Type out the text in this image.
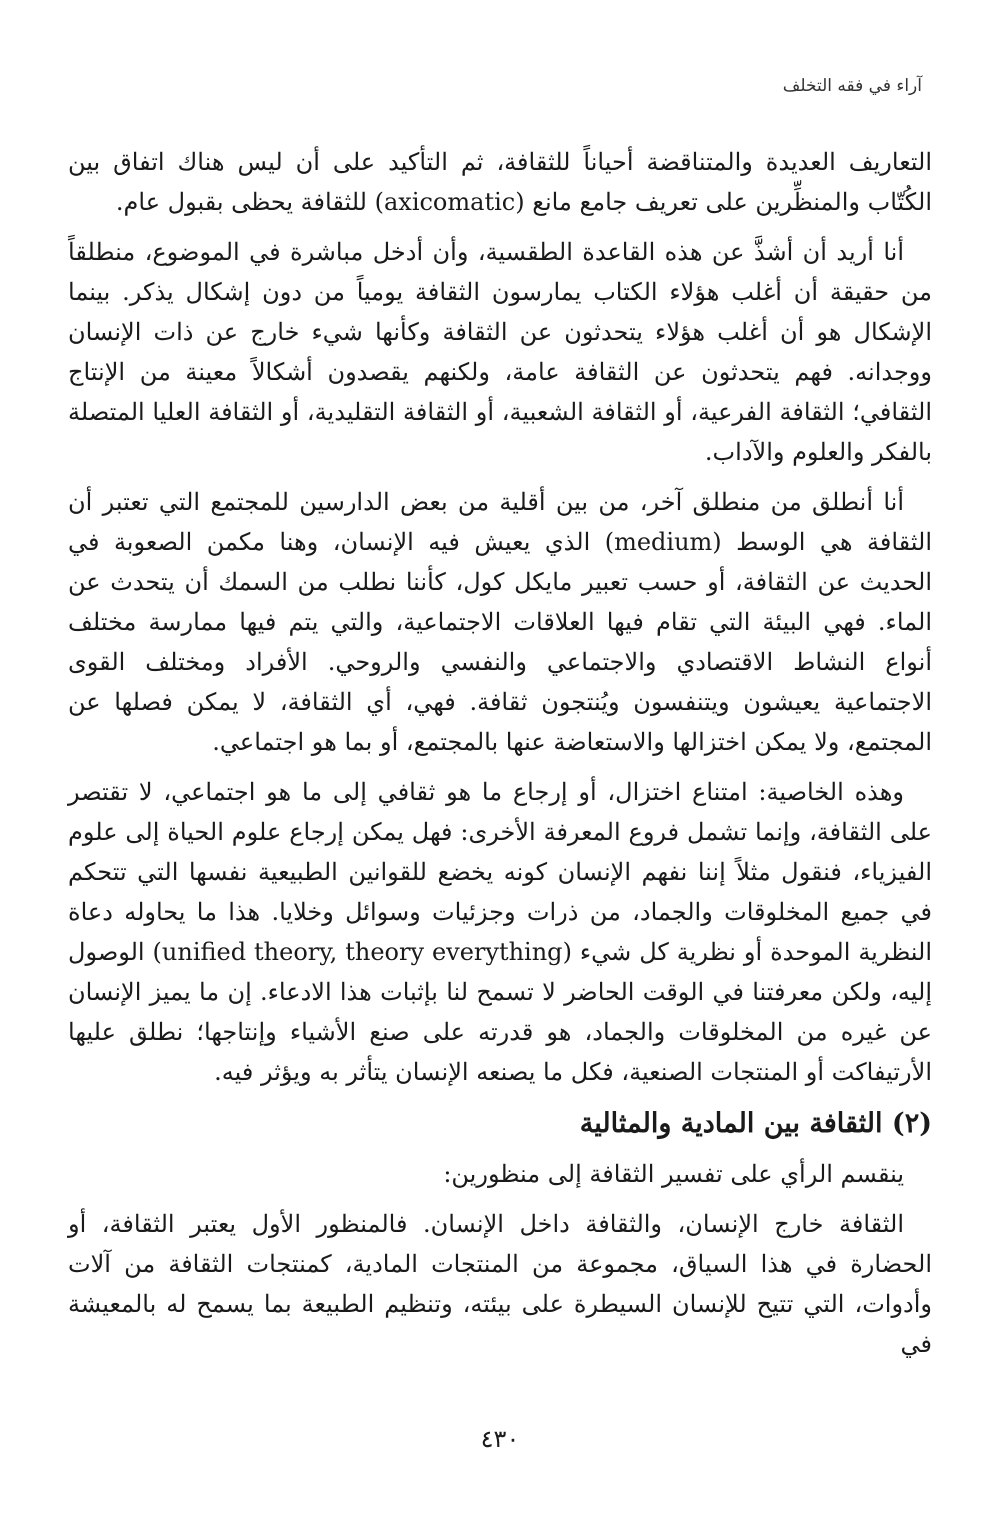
آراء في فقه التخلف

التعاريف العديدة والمتناقضة أحياناً للثقافة، ثم التأكيد على أن ليس هناك اتفاق بين الكُتّاب والمنظِّرين على تعريف جامع مانع (axicomatic) للثقافة يحظى بقبول عام.

أنا أريد أن أشذَّ عن هذه القاعدة الطقسية، وأن أدخل مباشرة في الموضوع، منطلقاً من حقيقة أن أغلب هؤلاء الكتاب يمارسون الثقافة يومياً من دون إشكال يذكر. بينما الإشكال هو أن أغلب هؤلاء يتحدثون عن الثقافة وكأنها شيء خارج عن ذات الإنسان ووجدانه. فهم يتحدثون عن الثقافة عامة، ولكنهم يقصدون أشكالاً معينة من الإنتاج الثقافي؛ الثقافة الفرعية، أو الثقافة الشعبية، أو الثقافة التقليدية، أو الثقافة العليا المتصلة بالفكر والعلوم والآداب.

أنا أنطلق من منطلق آخر، من بين أقلية من بعض الدارسين للمجتمع التي تعتبر أن الثقافة هي الوسط (medium) الذي يعيش فيه الإنسان، وهنا مكمن الصعوبة في الحديث عن الثقافة، أو حسب تعبير مايكل كول، كأننا نطلب من السمك أن يتحدث عن الماء. فهي البيئة التي تقام فيها العلاقات الاجتماعية، والتي يتم فيها ممارسة مختلف أنواع النشاط الاقتصادي والاجتماعي والنفسي والروحي. الأفراد ومختلف القوى الاجتماعية يعيشون ويتنفسون ويُنتجون ثقافة. فهي، أي الثقافة، لا يمكن فصلها عن المجتمع، ولا يمكن اختزالها والاستعاضة عنها بالمجتمع، أو بما هو اجتماعي.

وهذه الخاصية: امتناع اختزال، أو إرجاع ما هو ثقافي إلى ما هو اجتماعي، لا تقتصر على الثقافة، وإنما تشمل فروع المعرفة الأخرى: فهل يمكن إرجاع علوم الحياة إلى علوم الفيزياء، فنقول مثلاً إننا نفهم الإنسان كونه يخضع للقوانين الطبيعية نفسها التي تتحكم في جميع المخلوقات والجماد، من ذرات وجزئيات وسوائل وخلايا. هذا ما يحاوله دعاة النظرية الموحدة أو نظرية كل شيء (unified theory, theory everything) الوصول إليه، ولكن معرفتنا في الوقت الحاضر لا تسمح لنا بإثبات هذا الادعاء. إن ما يميز الإنسان عن غيره من المخلوقات والجماد، هو قدرته على صنع الأشياء وإنتاجها؛ نطلق عليها الأرتيفاكت أو المنتجات الصنعية، فكل ما يصنعه الإنسان يتأثر به ويؤثر فيه.

(٢) الثقافة بين المادية والمثالية

ينقسم الرأي على تفسير الثقافة إلى منظورين:

الثقافة خارج الإنسان، والثقافة داخل الإنسان. فالمنظور الأول يعتبر الثقافة، أو الحضارة في هذا السياق، مجموعة من المنتجات المادية، كمنتجات الثقافة من آلات وأدوات، التي تتيح للإنسان السيطرة على بيئته، وتنظيم الطبيعة بما يسمح له بالمعيشة في

٤٣٠
